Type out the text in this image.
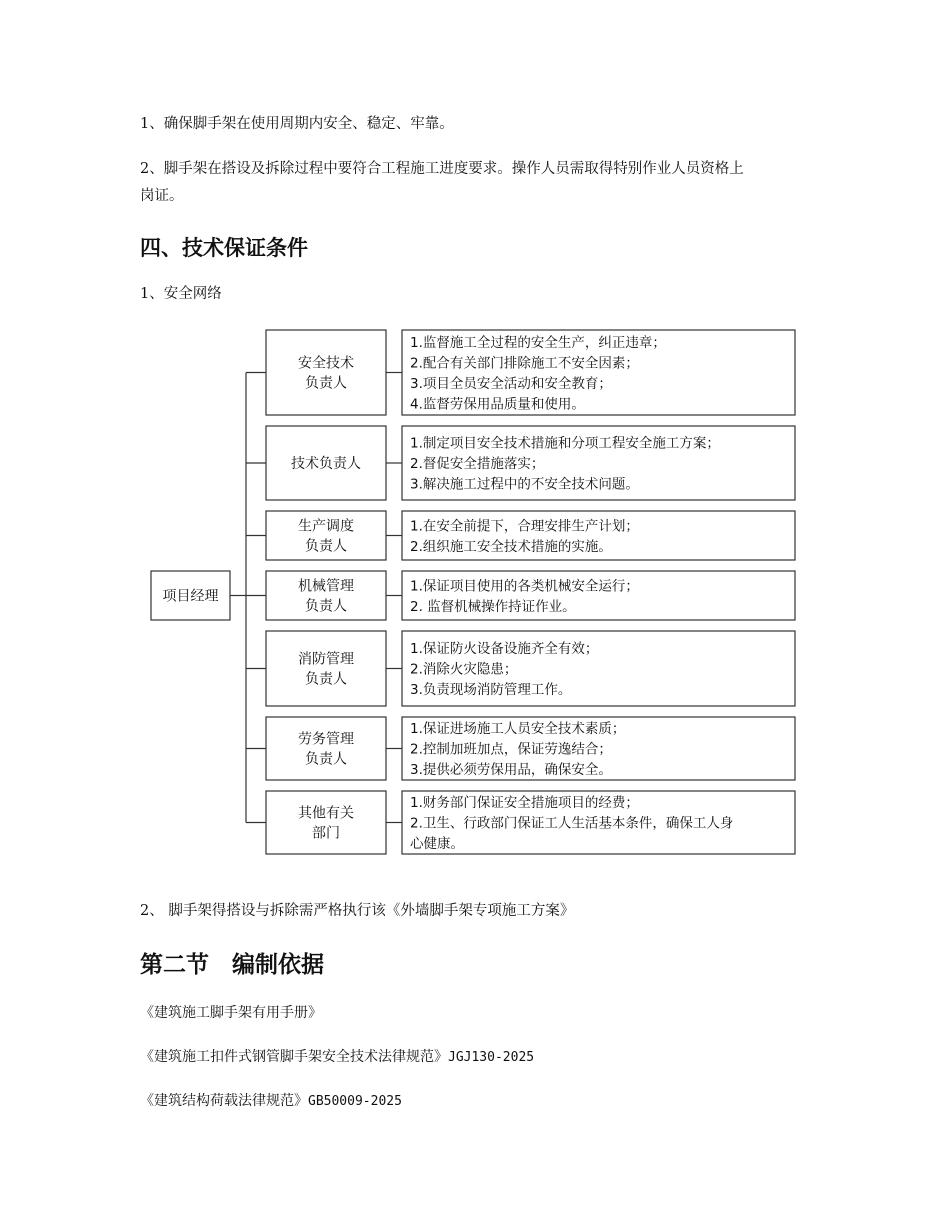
1、确保脚手架在使用周期内安全、稳定、牢靠。
2、脚手架在搭设及拆除过程中要符合工程施工进度要求。操作人员需取得特别作业人员资格上
岗证。
四、技术保证条件
1、安全网络
项目经理
安全技术
负责人
1.监督施工全过程的安全生产，纠正违章；
2.配合有关部门排除施工不安全因素；
3.项目全员安全活动和安全教育；
4.监督劳保用品质量和使用。
技术负责人
1.制定项目安全技术措施和分项工程安全施工方案；
2.督促安全措施落实；
3.解决施工过程中的不安全技术问题。
生产调度
负责人
1.在安全前提下，合理安排生产计划；
2.组织施工安全技术措施的实施。
机械管理
负责人
1.保证项目使用的各类机械安全运行；
2. 监督机械操作持证作业。
消防管理
负责人
1.保证防火设备设施齐全有效；
2.消除火灾隐患；
3.负责现场消防管理工作。
劳务管理
负责人
1.保证进场施工人员安全技术素质；
2.控制加班加点，保证劳逸结合；
3.提供必须劳保用品，确保安全。
其他有关
部门
1.财务部门保证安全措施项目的经费；
2.卫生、行政部门保证工人生活基本条件，确保工人身
心健康。
2、 脚手架得搭设与拆除需严格执行该《外墙脚手架专项施工方案》
第二节　编制依据
《建筑施工脚手架有用手册》
《建筑施工扣件式钢管脚手架安全技术法律规范》JGJ130-2025
《建筑结构荷载法律规范》GB50009-2025
